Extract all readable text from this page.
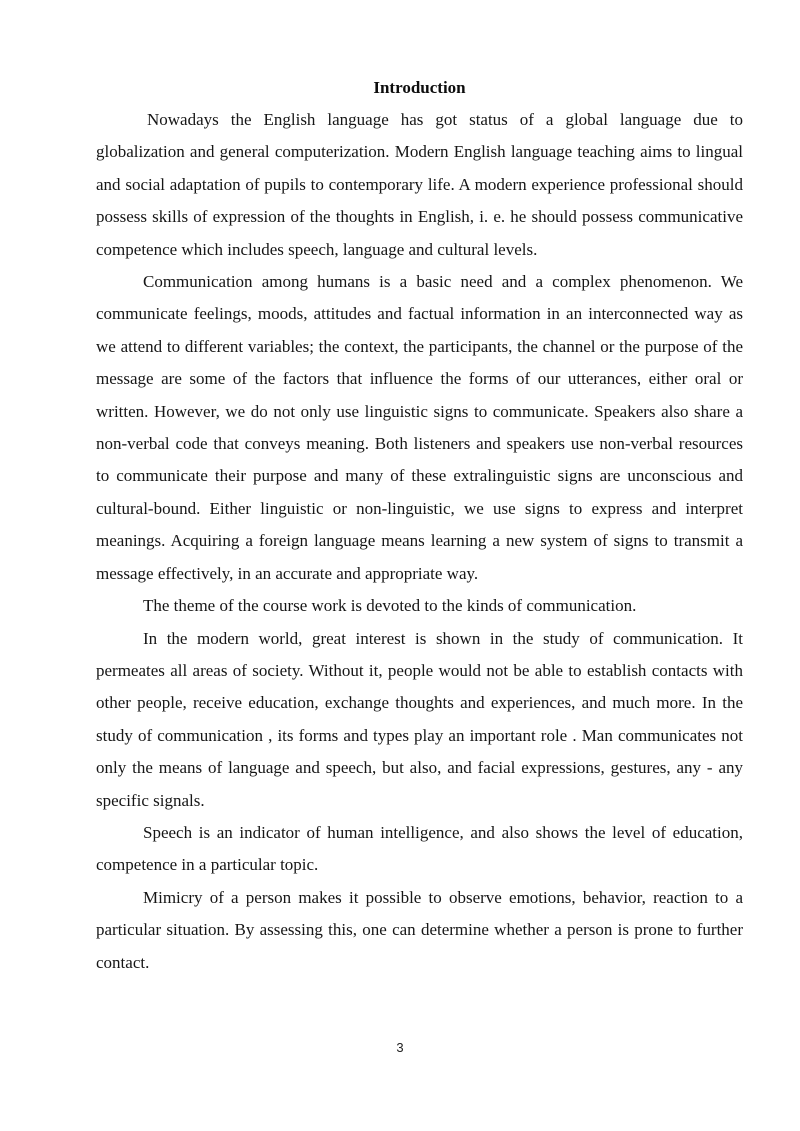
Introduction

Nowadays the English language has got status of a global language due to globalization and general computerization. Modern English language teaching aims to lingual and social adaptation of pupils to contemporary life. A modern experience professional should possess skills of expression of the thoughts in English, i. e. he should possess communicative competence which includes speech, language and cultural levels.

Communication among humans is a basic need and a complex phenomenon. We communicate feelings, moods, attitudes and factual information in an interconnected way as we attend to different variables; the context, the participants, the channel or the purpose of the message are some of the factors that influence the forms of our utterances, either oral or written. However, we do not only use linguistic signs to communicate. Speakers also share a non-verbal code that conveys meaning. Both listeners and speakers use non-verbal resources to communicate their purpose and many of these extralinguistic signs are unconscious and cultural-bound. Either linguistic or non-linguistic, we use signs to express and interpret meanings. Acquiring a foreign language means learning a new system of signs to transmit a message effectively, in an accurate and appropriate way.

The theme of the course work is devoted to the kinds of communication.

In the modern world, great interest is shown in the study of communication. It permeates all areas of society. Without it, people would not be able to establish contacts with other people, receive education, exchange thoughts and experiences, and much more. In the study of communication , its forms and types play an important role . Man communicates not only the means of language and speech, but also, and facial expressions, gestures, any - any specific signals.

Speech is an indicator of human intelligence, and also shows the level of education, competence in a particular topic.

Mimicry of a person makes it possible to observe emotions, behavior, reaction to a particular situation. By assessing this, one can determine whether a person is prone to further contact.

3
